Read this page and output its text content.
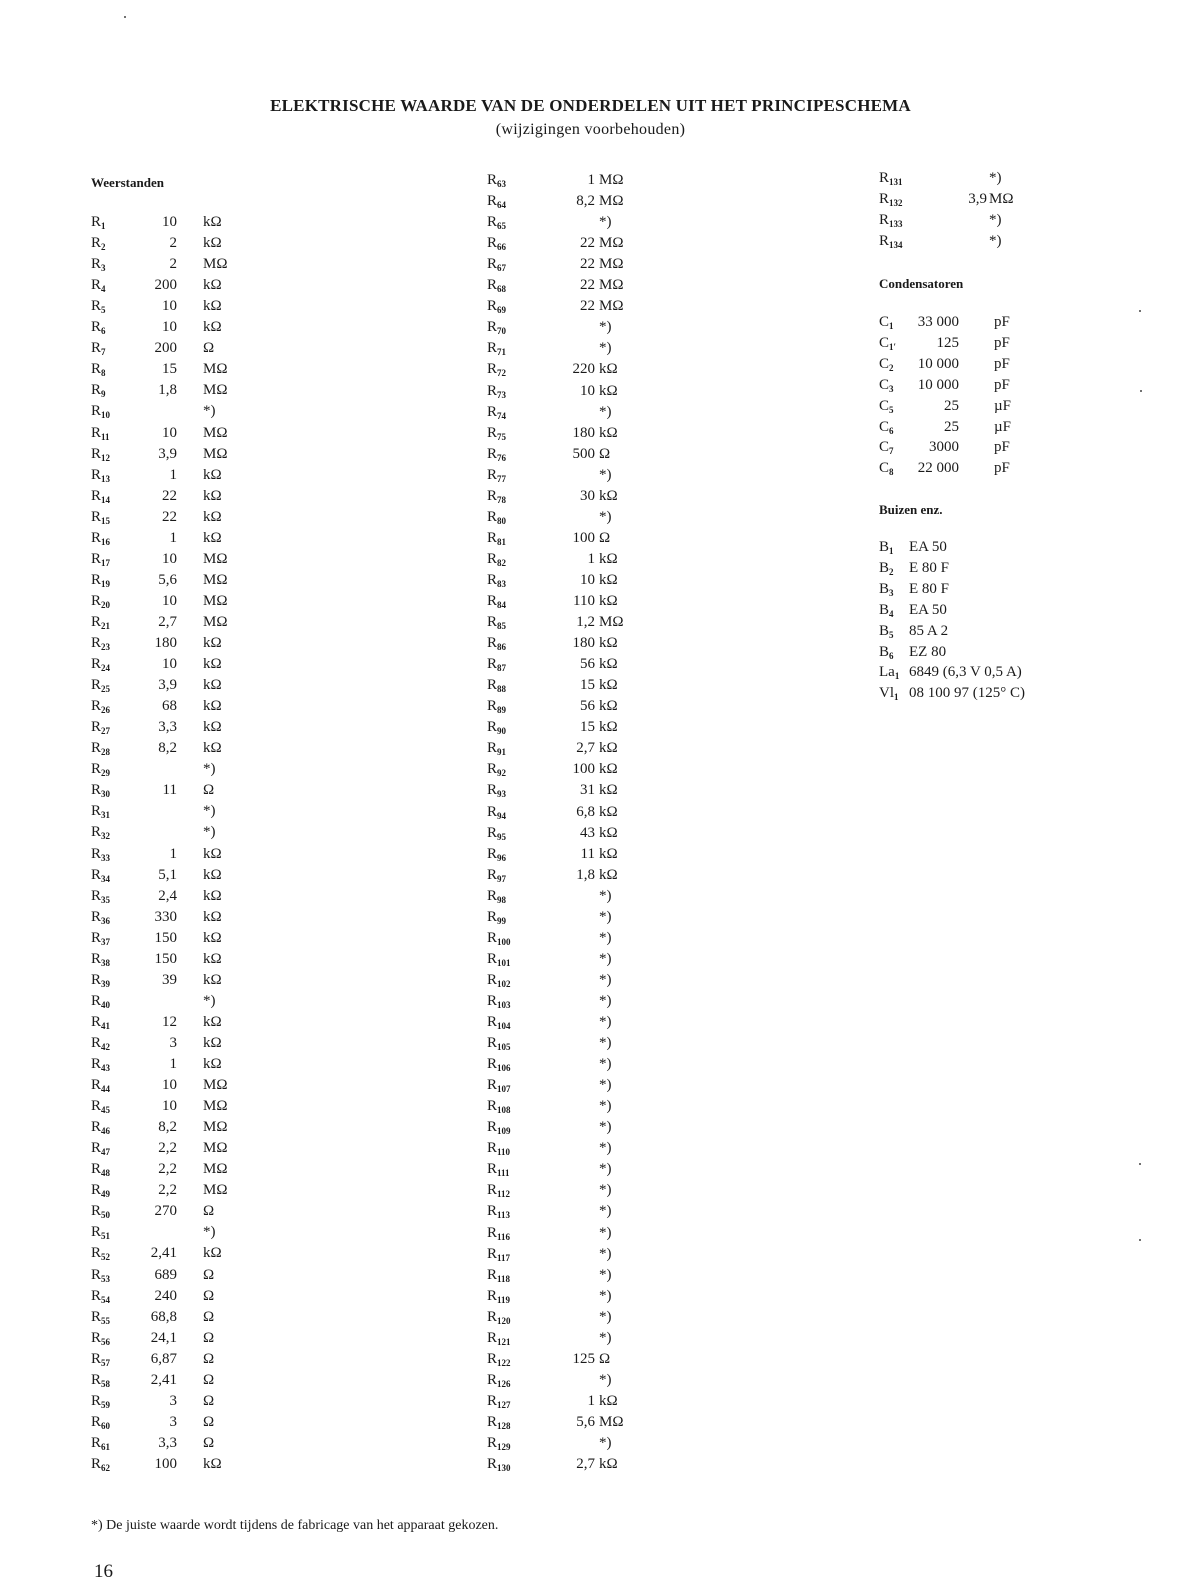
ELEKTRISCHE WAARDE VAN DE ONDERDELEN UIT HET PRINCIPESCHEMA
(wijzigingen voorbehouden)
Weerstanden
Condensatoren
Buizen enz.
$R_1$	10 kΩ
$R_2$	2 kΩ
$R_3$	2 MΩ
$R_4$	200 kΩ
$R_5$	10 kΩ
$R_6$	10 kΩ
$R_7$	200 Ω
$R_8$	15 MΩ
$R_9$	1,8 MΩ
$R_{10}$	*)
$R_{11}$	10 MΩ
$R_{12}$	3,9 MΩ
$R_{13}$	1 kΩ
$R_{14}$	22 kΩ
$R_{15}$	22 kΩ
$R_{16}$	1 kΩ
$R_{17}$	10 MΩ
$R_{19}$	5,6 MΩ
$R_{20}$	10 MΩ
$R_{21}$	2,7 MΩ
$R_{23}$	180 kΩ
$R_{24}$	10 kΩ
$R_{25}$	3,9 kΩ
$R_{26}$	68 kΩ
$R_{27}$	3,3 kΩ
$R_{28}$	8,2 kΩ
$R_{29}$	*)
$R_{30}$	11 Ω
$R_{31}$	*)
$R_{32}$	*)
$R_{33}$	1 kΩ
$R_{34}$	5,1 kΩ
$R_{35}$	2,4 kΩ
$R_{36}$	330 kΩ
$R_{37}$	150 kΩ
$R_{38}$	150 kΩ
$R_{39}$	39 kΩ
$R_{40}$	*)
$R_{41}$	12 kΩ
$R_{42}$	3 kΩ
$R_{43}$	1 kΩ
$R_{44}$	10 MΩ
$R_{45}$	10 MΩ
$R_{46}$	8,2 MΩ
$R_{47}$	2,2 MΩ
$R_{48}$	2,2 MΩ
$R_{49}$	2,2 MΩ
$R_{50}$	270 Ω
$R_{51}$	*)
$R_{52}$	2,41 kΩ
$R_{53}$	689 Ω
$R_{54}$	240 Ω
$R_{55}$	68,8 Ω
$R_{56}$	24,1 Ω
$R_{57}$	6,87 Ω
$R_{58}$	2,41 Ω
$R_{59}$	3 Ω
$R_{60}$	3 Ω
$R_{61}$	3,3 Ω
$R_{62}$	100 kΩ
$R_{63}$	1 MΩ
$R_{64}$	8,2 MΩ
$R_{65}$	*)
$R_{66}$	22 MΩ
$R_{67}$	22 MΩ
$R_{68}$	22 MΩ
$R_{69}$	22 MΩ
$R_{70}$	*)
$R_{71}$	*)
$R_{72}$	220 kΩ
$R_{73}$	10 kΩ
$R_{74}$	*)
$R_{75}$	180 kΩ
$R_{76}$	500 Ω
$R_{77}$	*)
$R_{78}$	30 kΩ
$R_{80}$	*)
$R_{81}$	100 Ω
$R_{82}$	1 kΩ
$R_{83}$	10 kΩ
$R_{84}$	110 kΩ
$R_{85}$	1,2 MΩ
$R_{86}$	180 kΩ
$R_{87}$	56 kΩ
$R_{88}$	15 kΩ
$R_{89}$	56 kΩ
$R_{90}$	15 kΩ
$R_{91}$	2,7 kΩ
$R_{92}$	100 kΩ
$R_{93}$	31 kΩ
$R_{94}$	6,8 kΩ
$R_{95}$	43 kΩ
$R_{96}$	11 kΩ
$R_{97}$	1,8 kΩ
$R_{98}$	*)
$R_{99}$	*)
$R_{100}$	*)
$R_{101}$	*)
$R_{102}$	*)
$R_{103}$	*)
$R_{104}$	*)
$R_{105}$	*)
$R_{106}$	*)
$R_{107}$	*)
$R_{108}$	*)
$R_{109}$	*)
$R_{110}$	*)
$R_{111}$	*)
$R_{112}$	*)
$R_{113}$	*)
$R_{116}$	*)
$R_{117}$	*)
$R_{118}$	*)
$R_{119}$	*)
$R_{120}$	*)
$R_{121}$	*)
$R_{122}$	125 Ω
$R_{126}$	*)
$R_{127}$	1 kΩ
$R_{128}$	5,6 MΩ
$R_{129}$	*)
$R_{130}$	2,7 kΩ
$R_{131}$	*)
$R_{132}$	3,9 MΩ
$R_{133}$	*)
$R_{134}$	*)
$C_1$	33 000 pF
$C_{1'}$	125 pF
$C_2$	10 000 pF
$C_3$	10 000 pF
$C_5$	25 µF
$C_6$	25 µF
$C_7$	3000 pF
$C_8$	22 000 pF
$B_1$ EA 50
$B_2$ E 80 F
$B_3$ E 80 F
$B_4$ EA 50
$B_5$ 85 A 2
$B_6$ EZ 80
$La_1$ 6849 (6,3 V 0,5 A)
$Vl_1$ 08 100 97 (125° C)
*) De juiste waarde wordt tijdens de fabricage van het apparaat gekozen.
16
